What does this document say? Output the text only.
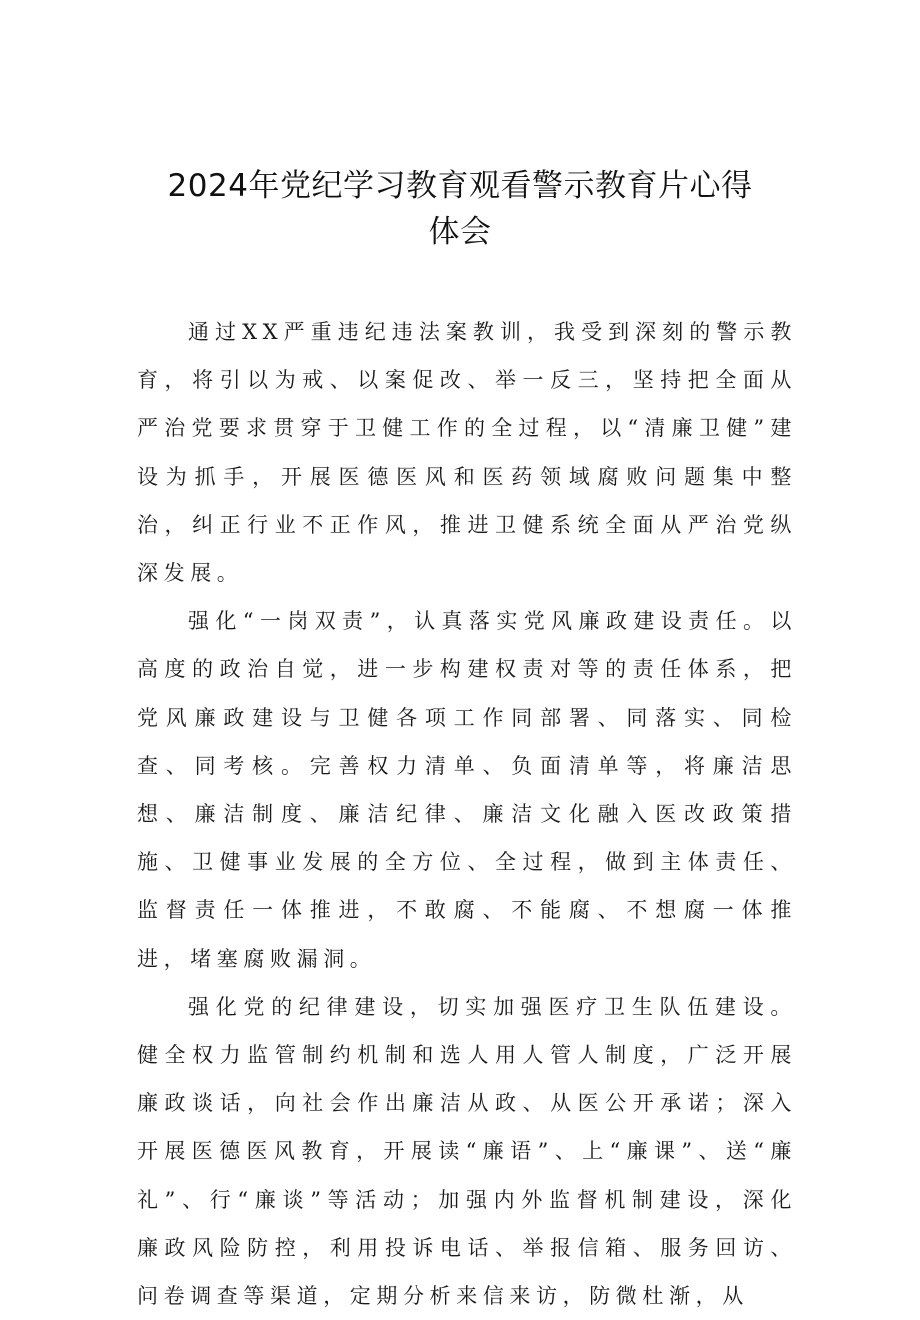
2024年党纪学习教育观看警示教育片心得
体会

通过XX严重违纪违法案教训，我受到深刻的警示教育，将引以为戒、以案促改、举一反三，坚持把全面从严治党要求贯穿于卫健工作的全过程，以“清廉卫健”建设为抓手，开展医德医风和医药领域腐败问题集中整治，纠正行业不正作风，推进卫健系统全面从严治党纵深发展。

强化“一岗双责”，认真落实党风廉政建设责任。以高度的政治自觉，进一步构建权责对等的责任体系，把党风廉政建设与卫健各项工作同部署、同落实、同检查、同考核。完善权力清单、负面清单等，将廉洁思想、廉洁制度、廉洁纪律、廉洁文化融入医改政策措施、卫健事业发展的全方位、全过程，做到主体责任、监督责任一体推进，不敢腐、不能腐、不想腐一体推进，堵塞腐败漏洞。

强化党的纪律建设，切实加强医疗卫生队伍建设。健全权力监管制约机制和选人用人管人制度，广泛开展廉政谈话，向社会作出廉洁从政、从医公开承诺；深入开展医德医风教育，开展读“廉语”、上“廉课”、送“廉礼”、行“廉谈”等活动；加强内外监督机制建设，深化廉政风险防控，利用投诉电话、举报信箱、服务回访、问卷调查等渠道，定期分析来信来访，防微杜渐，从
